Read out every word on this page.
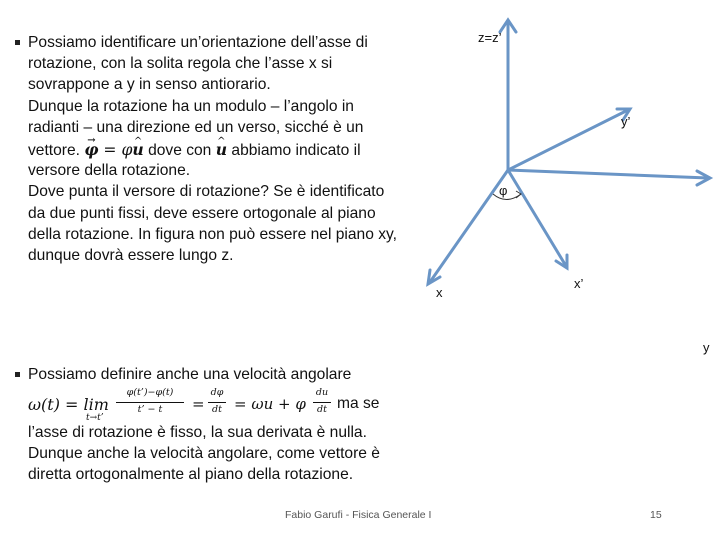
Possiamo identificare un’orientazione dell’asse di
rotazione, con la solita regola che l’asse x si
sovrappone a y in senso antiorario.
Dunque la rotazione ha un modulo – l’angolo in
radianti – una direzione ed un verso, sicché è un
vettore. → φ = φ^ u dove con ^ u abbiamo indicato il
versore della rotazione.
Dove punta il versore di rotazione? Se è identificato
da due punti fissi, deve essere ortogonale al piano
della rotazione. In figura non può essere nel piano xy,
dunque dovrà essere lungo z.
z=z’
y’
φ
x
x’
y
Possiamo definire anche una velocità angolare
ω(t) = lim
t→t’
φ(t’)−φ(t)
t’ − t	=
dφ
dt = ωu + φ
du
dt ma se
l’asse di rotazione è fisso, la sua derivata è nulla.
Dunque anche la velocità angolare, come vettore è
diretta ortogonalmente al piano della rotazione.
Fabio Garufi - Fisica Generale I	15
